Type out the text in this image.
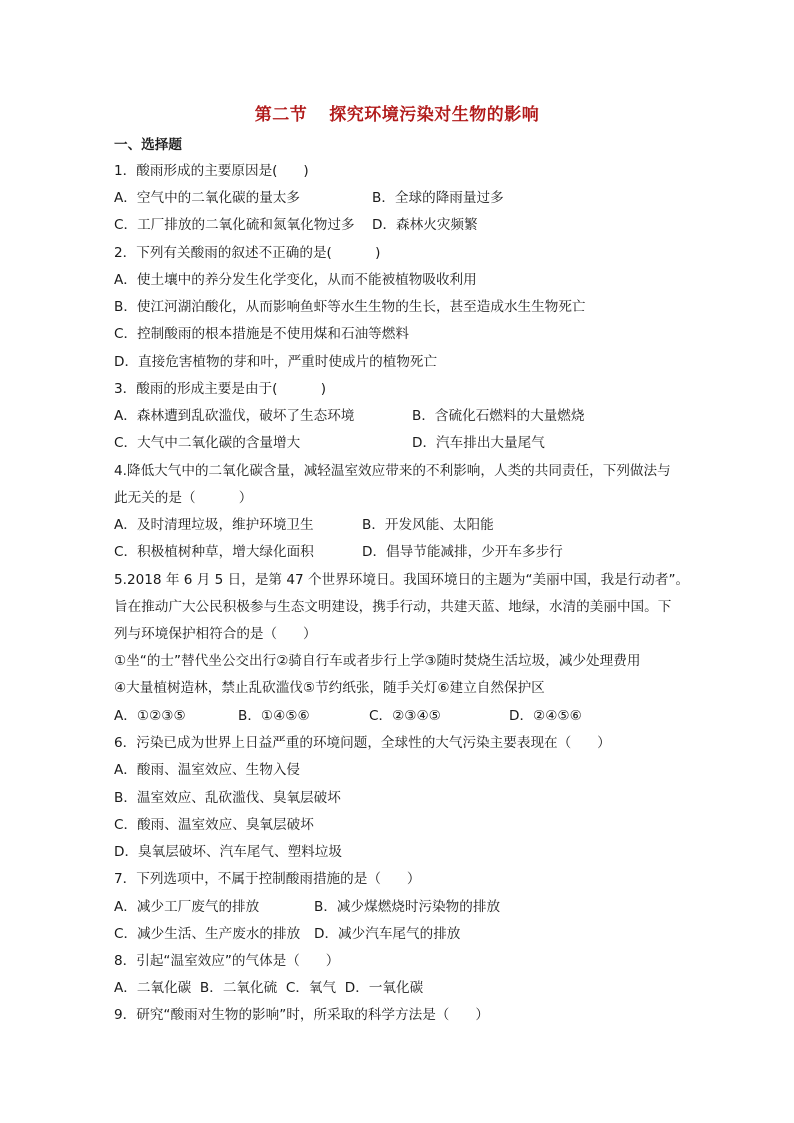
第二节 探究环境污染对生物的影响
一、选择题
1．酸雨形成的主要原因是(      )
A．空气中的二氧化碳的量太多	B．全球的降雨量过多
C．工厂排放的二氧化硫和氮氧化物过多 D．森林火灾频繁
2．下列有关酸雨的叙述不正确的是(          )
A．使土壤中的养分发生化学变化，从而不能被植物吸收利用
B．使江河湖泊酸化，从而影响鱼虾等水生生物的生长，甚至造成水生生物死亡
C．控制酸雨的根本措施是不使用煤和石油等燃料
D．直接危害植物的芽和叶，严重时使成片的植物死亡
3．酸雨的形成主要是由于(          )
A．森林遭到乱砍滥伐，破坏了生态环境	B．含硫化石燃料的大量燃烧
C．大气中二氧化碳的含量增大	D．汽车排出大量尾气
4.降低大气中的二氧化碳含量，减轻温室效应带来的不利影响，人类的共同责任，下列做法与
此无关的是（          ）
A．及时清理垃圾，维护环境卫生	B．开发风能、太阳能
C．积极植树种草，增大绿化面积	D．倡导节能减排，少开车多步行
5.2018 年 6 月 5 日，是第 47 个世界环境日。我国环境日的主题为“美丽中国，我是行动者”。
旨在推动广大公民积极参与生态文明建设，携手行动，共建天蓝、地绿，水清的美丽中国。下
列与环境保护相符合的是（      ）
①坐“的士”替代坐公交出行②骑自行车或者步行上学③随时焚烧生活垃圾，减少处理费用
④大量植树造林，禁止乱砍滥伐⑤节约纸张，随手关灯⑥建立自然保护区
A．①②③⑤	B．①④⑤⑥	C．②③④⑤	D．②④⑤⑥
6．污染已成为世界上日益严重的环境问题，全球性的大气污染主要表现在（      ）
A．酸雨、温室效应、生物入侵
B．温室效应、乱砍滥伐、臭氧层破坏
C．酸雨、温室效应、臭氧层破坏
D．臭氧层破坏、汽车尾气、塑料垃圾
7．下列选项中，不属于控制酸雨措施的是（      ）
A．减少工厂废气的排放	B．减少煤燃烧时污染物的排放
C．减少生活、生产废水的排放 D．减少汽车尾气的排放
8．引起“温室效应”的气体是（      ）
A．二氧化碳  B．二氧化硫  C．氧气  D．一氧化碳
9．研究“酸雨对生物的影响”时，所采取的科学方法是（      ）
